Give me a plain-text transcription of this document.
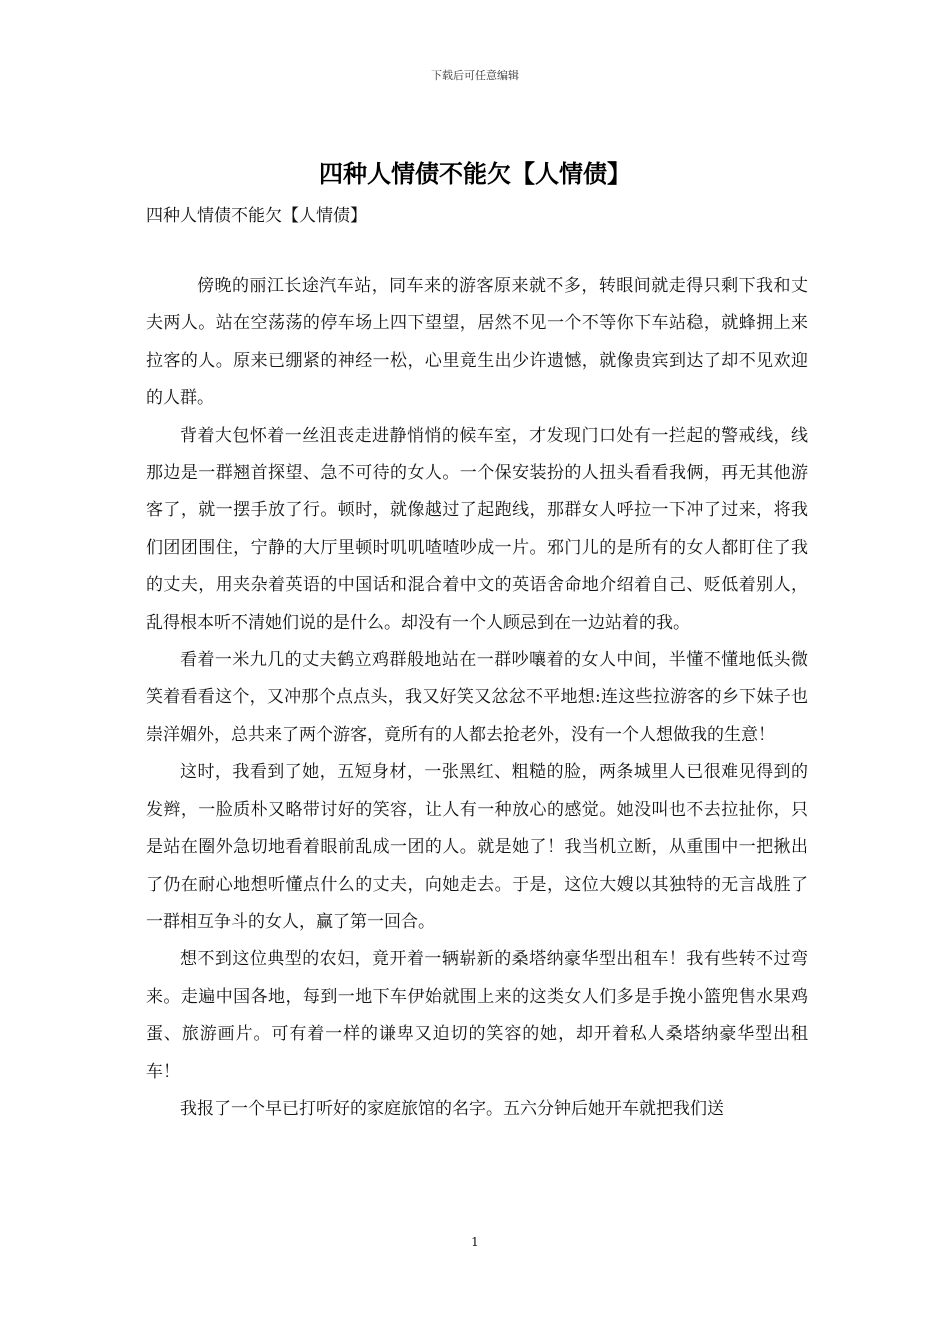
下载后可任意编辑
四种人情债不能欠【人情债】
四种人情债不能欠【人情债】

傍晚的丽江长途汽车站，同车来的游客原来就不多，转眼间就走得只剩下我和丈夫两人。站在空荡荡的停车场上四下望望，居然不见一个不等你下车站稳，就蜂拥上来拉客的人。原来已绷紧的神经一松，心里竟生出少许遗憾，就像贵宾到达了却不见欢迎的人群。

背着大包怀着一丝沮丧走进静悄悄的候车室，才发现门口处有一拦起的警戒线，线那边是一群翘首探望、急不可待的女人。一个保安装扮的人扭头看看我俩，再无其他游客了，就一摆手放了行。顿时，就像越过了起跑线，那群女人呼拉一下冲了过来，将我们团团围住，宁静的大厅里顿时叽叽喳喳吵成一片。邪门儿的是所有的女人都盯住了我的丈夫，用夹杂着英语的中国话和混合着中文的英语舍命地介绍着自己、贬低着别人，乱得根本听不清她们说的是什么。却没有一个人顾忌到在一边站着的我。

看着一米九几的丈夫鹤立鸡群般地站在一群吵嚷着的女人中间，半懂不懂地低头微笑着看看这个，又冲那个点点头，我又好笑又忿忿不平地想:连这些拉游客的乡下妹子也崇洋媚外，总共来了两个游客，竟所有的人都去抢老外，没有一个人想做我的生意！

这时，我看到了她，五短身材，一张黑红、粗糙的脸，两条城里人已很难见得到的发辫，一脸质朴又略带讨好的笑容，让人有一种放心的感觉。她没叫也不去拉扯你，只是站在圈外急切地看着眼前乱成一团的人。就是她了！我当机立断，从重围中一把揪出了仍在耐心地想听懂点什么的丈夫，向她走去。于是，这位大嫂以其独特的无言战胜了一群相互争斗的女人，赢了第一回合。

想不到这位典型的农妇，竟开着一辆崭新的桑塔纳豪华型出租车！我有些转不过弯来。走遍中国各地，每到一地下车伊始就围上来的这类女人们多是手挽小篮兜售水果鸡蛋、旅游画片。可有着一样的谦卑又迫切的笑容的她，却开着私人桑塔纳豪华型出租车！

我报了一个早已打听好的家庭旅馆的名字。五六分钟后她开车就把我们送

1
